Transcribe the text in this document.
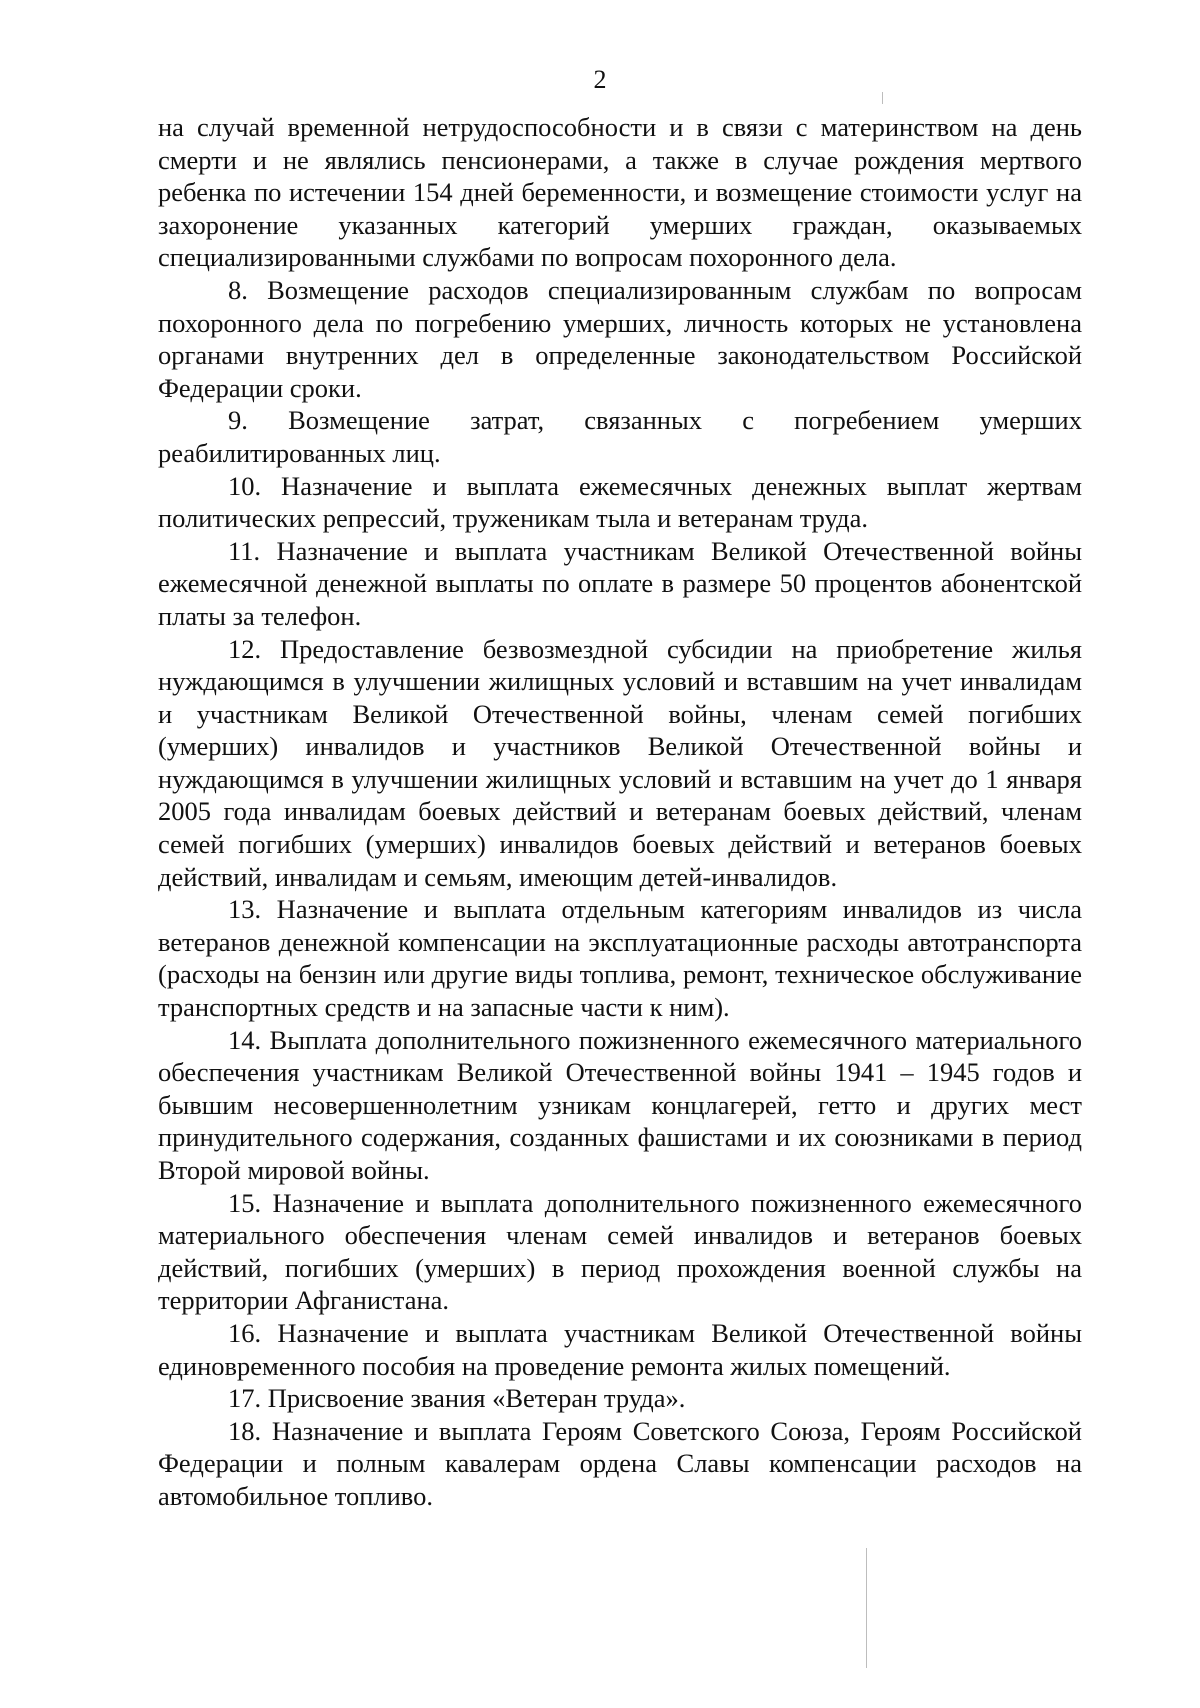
2

на случай временной нетрудоспособности и в связи с материнством на день смерти и не являлись пенсионерами, а также в случае рождения мертвого ребенка по истечении 154 дней беременности, и возмещение стоимости услуг на захоронение указанных категорий умерших граждан, оказываемых специализированными службами по вопросам похоронного дела.

8. Возмещение расходов специализированным службам по вопросам похоронного дела по погребению умерших, личность которых не установлена органами внутренних дел в определенные законодательством Российской Федерации сроки.

9. Возмещение затрат, связанных с погребением умерших реабилитированных лиц.

10. Назначение и выплата ежемесячных денежных выплат жертвам политических репрессий, труженикам тыла и ветеранам труда.

11. Назначение и выплата участникам Великой Отечественной войны ежемесячной денежной выплаты по оплате в размере 50 процентов абонентской платы за телефон.

12. Предоставление безвозмездной субсидии на приобретение жилья нуждающимся в улучшении жилищных условий и вставшим на учет инвалидам и участникам Великой Отечественной войны, членам семей погибших (умерших) инвалидов и участников Великой Отечественной войны и нуждающимся в улучшении жилищных условий и вставшим на учет до 1 января 2005 года инвалидам боевых действий и ветеранам боевых действий, членам семей погибших (умерших) инвалидов боевых действий и ветеранов боевых действий, инвалидам и семьям, имеющим детей-инвалидов.

13. Назначение и выплата отдельным категориям инвалидов из числа ветеранов денежной компенсации на эксплуатационные расходы автотранспорта (расходы на бензин или другие виды топлива, ремонт, техническое обслуживание транспортных средств и на запасные части к ним).

14. Выплата дополнительного пожизненного ежемесячного материального обеспечения участникам Великой Отечественной войны 1941 – 1945 годов и бывшим несовершеннолетним узникам концлагерей, гетто и других мест принудительного содержания, созданных фашистами и их союзниками в период Второй мировой войны.

15. Назначение и выплата дополнительного пожизненного ежемесячного материального обеспечения членам семей инвалидов и ветеранов боевых действий, погибших (умерших) в период прохождения военной службы на территории Афганистана.

16. Назначение и выплата участникам Великой Отечественной войны единовременного пособия на проведение ремонта жилых помещений.

17. Присвоение звания «Ветеран труда».

18. Назначение и выплата Героям Советского Союза, Героям Российской Федерации и полным кавалерам ордена Славы компенсации расходов на автомобильное топливо.
